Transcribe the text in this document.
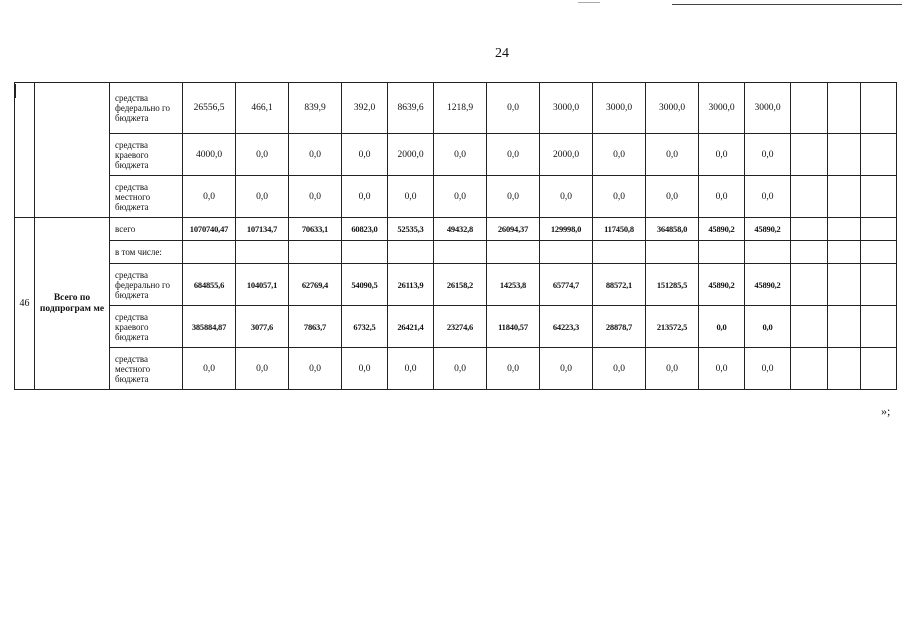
24
		средства федерально го бюджета	26556,5	466,1	839,9	392,0	8639,6	1218,9	0,0	3000,0	3000,0	3000,0	3000,0	3000,0			
		средства краевого бюджета	4000,0	0,0	0,0	0,0	2000,0	0,0	0,0	2000,0	0,0	0,0	0,0	0,0			
		средства местного бюджета	0,0	0,0	0,0	0,0	0,0	0,0	0,0	0,0	0,0	0,0	0,0	0,0			
46	Всего по подпрограм ме	всего	1070740,47	107134,7	70633,1	60823,0	52535,3	49432,8	26094,37	129998,0	117450,8	364858,0	45890,2	45890,2			
		в том числе:															
		средства федерально го бюджета	684855,6	104057,1	62769,4	54090,5	26113,9	26158,2	14253,8	65774,7	88572,1	151285,5	45890,2	45890,2			
		средства краевого бюджета	385884,87	3077,6	7863,7	6732,5	26421,4	23274,6	11840,57	64223,3	28878,7	213572,5	0,0	0,0			
		средства местного бюджета	0,0	0,0	0,0	0,0	0,0	0,0	0,0	0,0	0,0	0,0	0,0	0,0			
»;
